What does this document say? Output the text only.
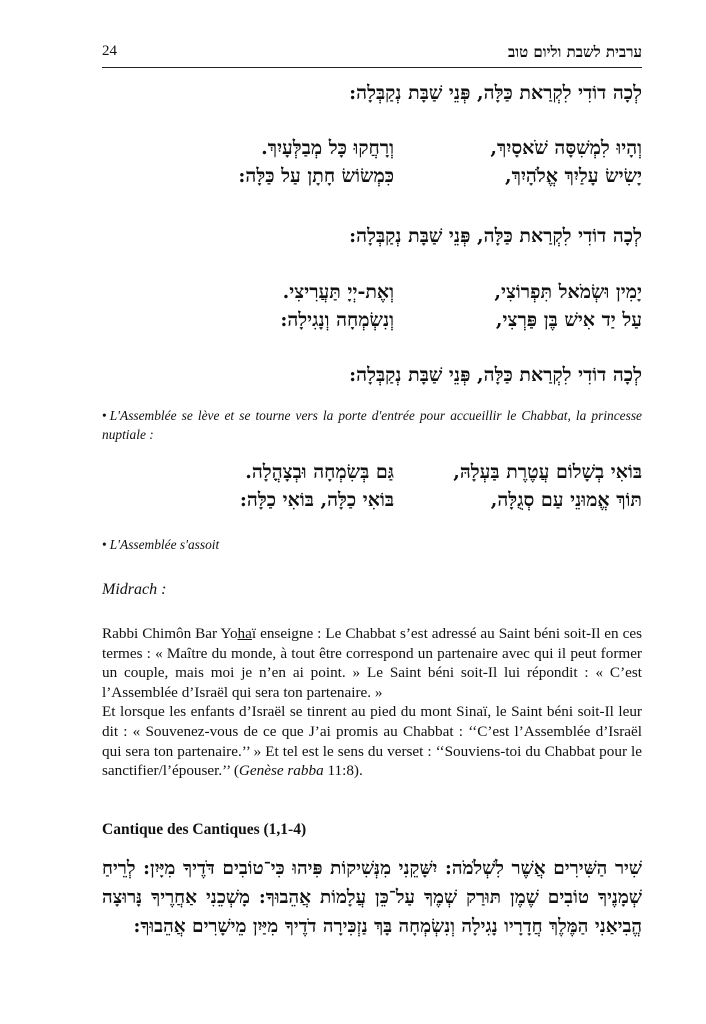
24	ערבית לשבת וליום טוב
לְכָה דוֹדִי לִקְרַאת כַּלָּה, פְּנֵי שַׁבָּת נְקַבְּלָה:
וְהָיוּ לִמְשִׁסָּה שֹׁאסָיִךְ,
וְרָחֲקוּ כָּל מְבַלְּעָיִךְ.
יָשִׂישׂ עָלַיִךְ אֱלֹהָיִךְ,
כִּמְשׂוֹשׂ חָתָן עַל כַּלָּה:
לְכָה דוֹדִי לִקְרַאת כַּלָּה, פְּנֵי שַׁבָּת נְקַבְּלָה:
יָמִין וּשְׂמֹאל תִּפְרוֹצִי,
וְאֶת-יְיָ תַּעֲרִיצִי.
עַל יַד אִישׁ בֶּן פַּרְצִי,
וְנִשְׂמְחָה וְנָגִילָה:
לְכָה דוֹדִי לִקְרַאת כַּלָּה, פְּנֵי שַׁבָּת נְקַבְּלָה:
• L'Assemblée se lève et se tourne vers la porte d'entrée pour accueillir le Chabbat, la princesse nuptiale :
בּוֹאִי בְשָׁלוֹם עֲטֶרֶת בַּעְלָהּ,
גַּם בְּשִׂמְחָה וּבְצָהֳלָה.
תּוֹךְ אֱמוּנֵי עַם סְגֻלָּה,
בּוֹאִי כַלָּה, בּוֹאִי כַלָּה:
• L'Assemblée s'assoit
Midrach :

Rabbi Chimôn Bar Yohaï enseigne : Le Chabbat s’est adressé au Saint béni soit-Il en ces termes : « Maître du monde, à tout être correspond un partenaire avec qui il peut former un couple, mais moi je n’en ai point. » Le Saint béni soit-Il lui répondit : « C’est l’Assemblée d’Israël qui sera ton partenaire. »

Et lorsque les enfants d’Israël se tinrent au pied du mont Sinaï, le Saint béni soit-Il leur dit : « Souvenez-vous de ce que J’ai promis au Chabbat : ‘‘C’est l’Assemblée d’Israël qui sera ton partenaire.’’ » Et tel est le sens du verset : ‘‘Souviens-toi du Chabbat pour le sanctifier/l’épouser.’’ (Genèse rabba 11:8).

Cantique des Cantiques (1,1-4)
שִׁיר הַשִּׁירִים אֲשֶׁר לִשְׁלֹמֹה: יִשָּׁקֵנִי מִנְּשִׁיקוֹת פִּיהוּ כִּי־טוֹבִים דֹּדֶיךָ מִיָּיִן: לְרֵיחַ שְׁמָנֶיךָ טוֹבִים שֶׁמֶן תּוּרַק שְׁמֶךָ עַל־כֵּן עֲלָמוֹת אֲהֵבוּךָ: מָשְׁכֵנִי אַחֲרֶיךָ נָּרוּצָה הֱבִיאַנִי הַמֶּלֶךְ חֲדָרָיו נָגִילָה וְנִשְׂמְחָה בָּךְ נַזְכִּירָה דֹדֶיךָ מִיַּיִן מֵישָׁרִים אֲהֵבוּךָ:
